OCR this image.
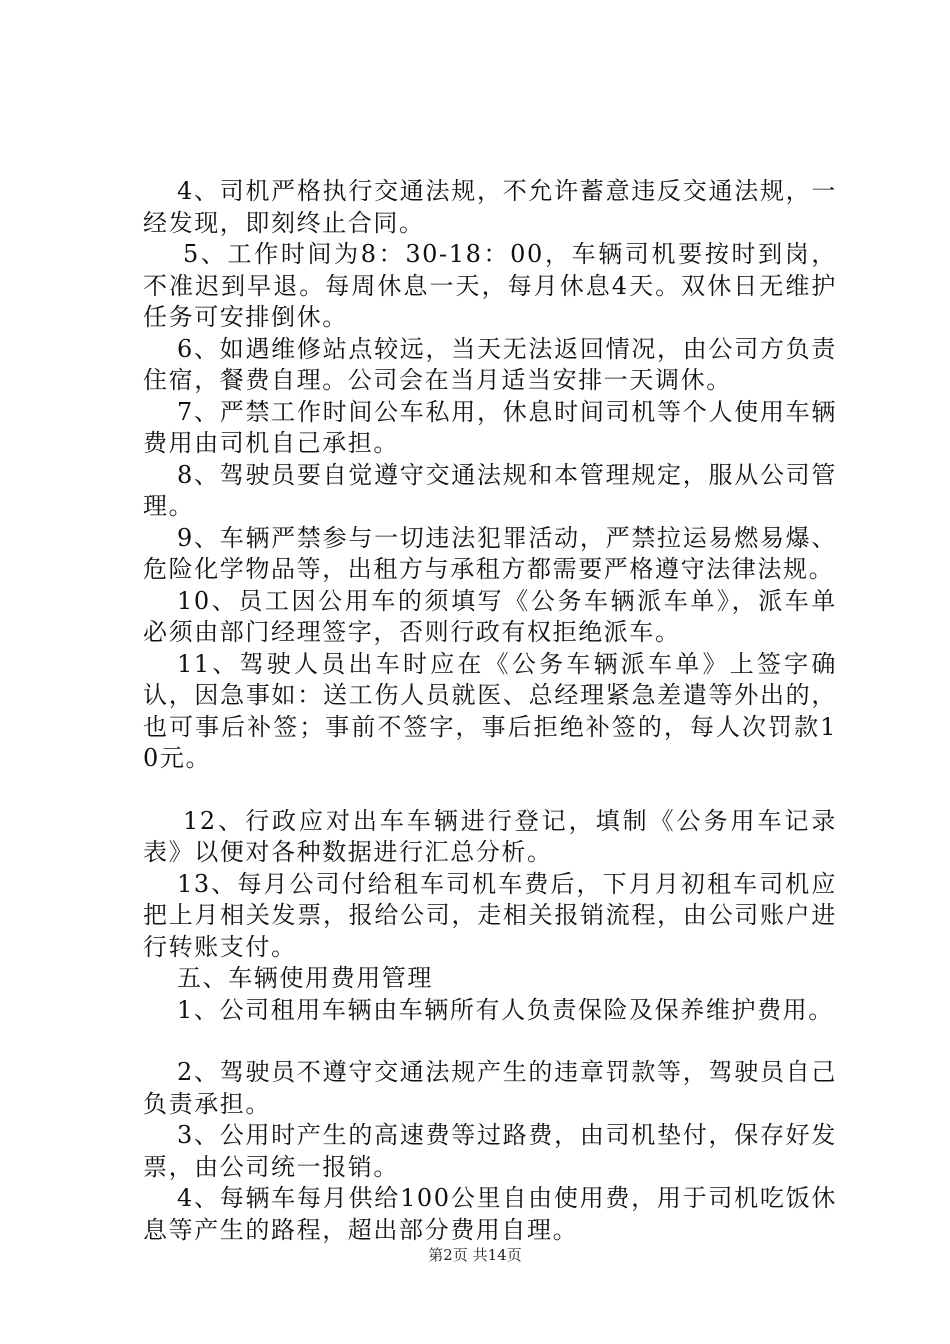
4、司机严格执行交通法规，不允许蓄意违反交通法规，一经发现，即刻终止合同。

5、工作时间为8：30-18：00，车辆司机要按时到岗，不准迟到早退。每周休息一天，每月休息4天。双休日无维护任务可安排倒休。

6、如遇维修站点较远，当天无法返回情况，由公司方负责住宿，餐费自理。公司会在当月适当安排一天调休。

7、严禁工作时间公车私用，休息时间司机等个人使用车辆费用由司机自己承担。

8、驾驶员要自觉遵守交通法规和本管理规定，服从公司管理。

9、车辆严禁参与一切违法犯罪活动，严禁拉运易燃易爆、危险化学物品等，出租方与承租方都需要严格遵守法律法规。

10、员工因公用车的须填写《公务车辆派车单》，派车单必须由部门经理签字，否则行政有权拒绝派车。

11、驾驶人员出车时应在《公务车辆派车单》上签字确认，因急事如：送工伤人员就医、总经理紧急差遣等外出的，也可事后补签；事前不签字，事后拒绝补签的，每人次罚款10元。

12、行政应对出车车辆进行登记，填制《公务用车记录表》以便对各种数据进行汇总分析。

13、每月公司付给租车司机车费后，下月月初租车司机应把上月相关发票，报给公司，走相关报销流程，由公司账户进行转账支付。

五、车辆使用费用管理

1、公司租用车辆由车辆所有人负责保险及保养维护费用。

2、驾驶员不遵守交通法规产生的违章罚款等，驾驶员自己负责承担。

3、公用时产生的高速费等过路费，由司机垫付，保存好发票，由公司统一报销。

4、每辆车每月供给100公里自由使用费，用于司机吃饭休息等产生的路程，超出部分费用自理。

第2页 共14页
